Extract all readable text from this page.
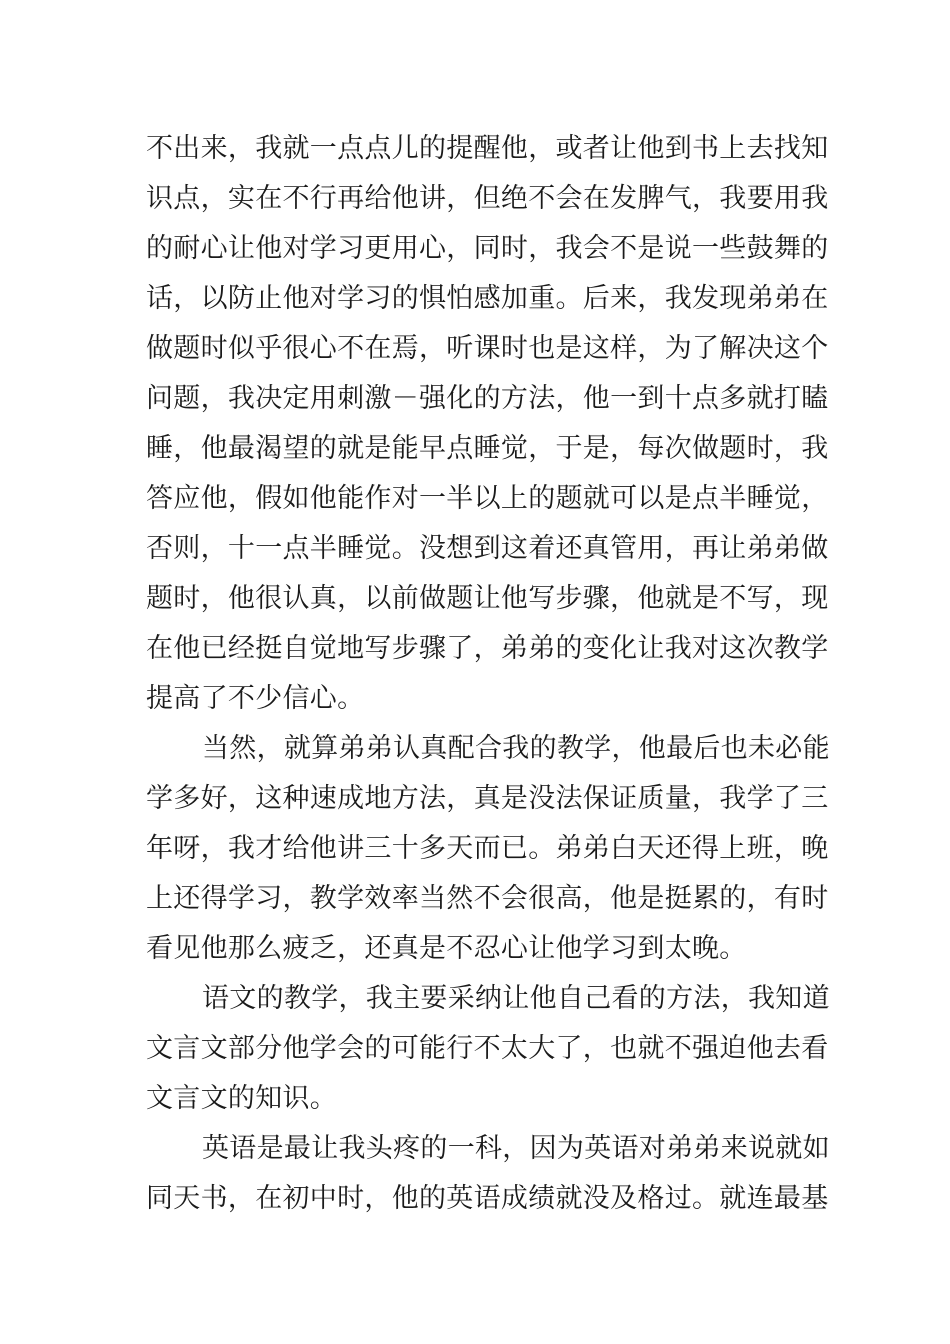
不出来，我就一点点儿的提醒他，或者让他到书上去找知
识点，实在不行再给他讲，但绝不会在发脾气，我要用我
的耐心让他对学习更用心，同时，我会不是说一些鼓舞的
话，以防止他对学习的惧怕感加重。后来，我发现弟弟在
做题时似乎很心不在焉，听课时也是这样，为了解决这个
问题，我决定用刺激－强化的方法，他一到十点多就打瞌
睡，他最渴望的就是能早点睡觉，于是，每次做题时，我
答应他，假如他能作对一半以上的题就可以是点半睡觉，
否则，十一点半睡觉。没想到这着还真管用，再让弟弟做
题时，他很认真，以前做题让他写步骤，他就是不写，现
在他已经挺自觉地写步骤了，弟弟的变化让我对这次教学
提高了不少信心。
当然，就算弟弟认真配合我的教学，他最后也未必能
学多好，这种速成地方法，真是没法保证质量，我学了三
年呀，我才给他讲三十多天而已。弟弟白天还得上班，晚
上还得学习，教学效率当然不会很高，他是挺累的，有时
看见他那么疲乏，还真是不忍心让他学习到太晚。
语文的教学，我主要采纳让他自己看的方法，我知道
文言文部分他学会的可能行不太大了，也就不强迫他去看
文言文的知识。
英语是最让我头疼的一科，因为英语对弟弟来说就如
同天书，在初中时，他的英语成绩就没及格过。就连最基
